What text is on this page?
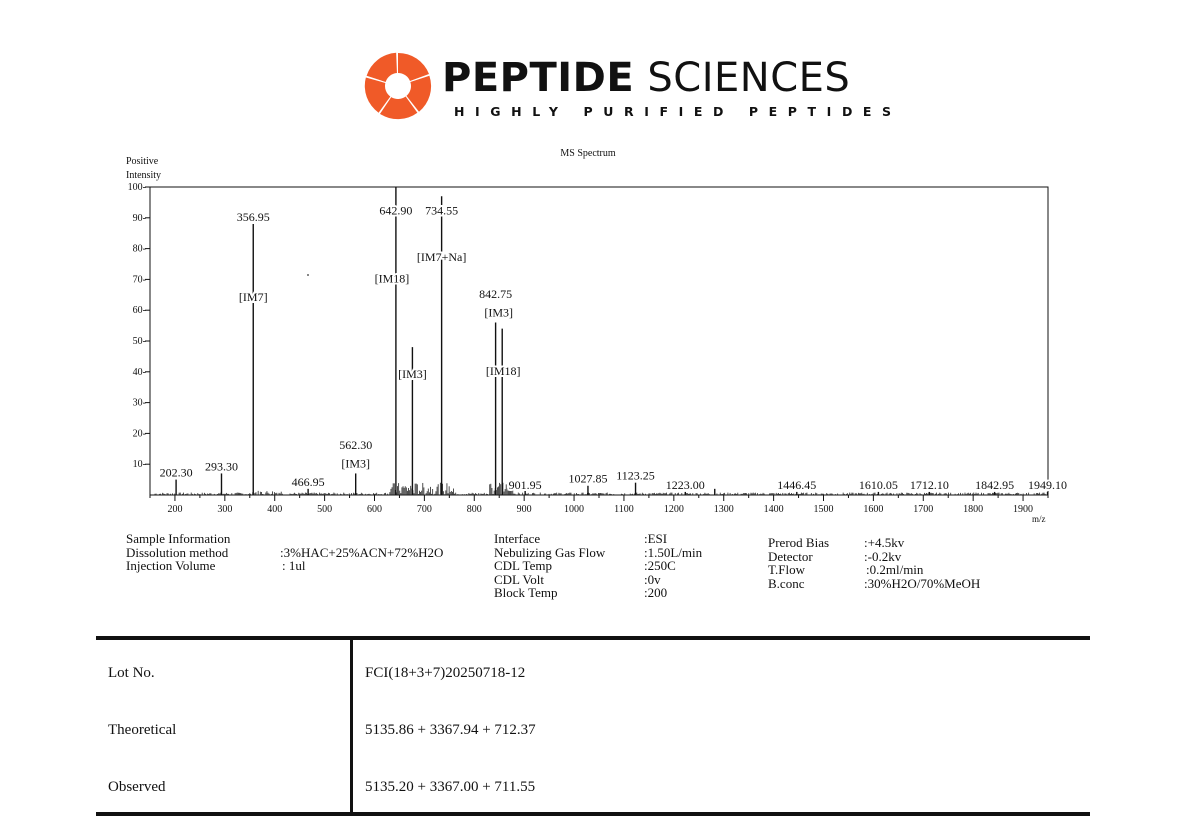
PEPTIDE SCIENCES
HIGHLY PURIFIED PEPTIDES
MS Spectrum
Positive Intensity
m/z
10-
20-
30-
40-
50-
60-
70-
80-
90-
100-
200	300	400	500	600	700	800	900	1000	1100	1200	1300	1400	1500	1600	1700	1800	1900
202.30 293.30
356.95
[IM7]
466.95
562.30
[IM3]
642.90
[IM18]
[IM3]
734.55
[IM7+Na]
842.75
[IM3]
[IM18]
901.95 1027.85 1123.25
1223.00	1446.45	1610.05 1712.10 1842.95 1949.10
Sample Information
Dissolution method	:3%HAC+25%ACN+72%H2O
Injection Volume	: 1ul
Interface	:ESI
Nebulizing Gas Flow	:1.50L/min
CDL Temp	:250C
CDL Volt	:0v
Block Temp	:200
Prerod Bias	:+4.5kv
Detector	:-0.2kv
T.Flow	:0.2ml/min
B.conc	:30%H2O/70%MeOH
Lot No.	FCI(18+3+7)20250718-12
Theoretical	5135.86 + 3367.94 + 712.37
Observed	5135.20 + 3367.00 + 711.55
